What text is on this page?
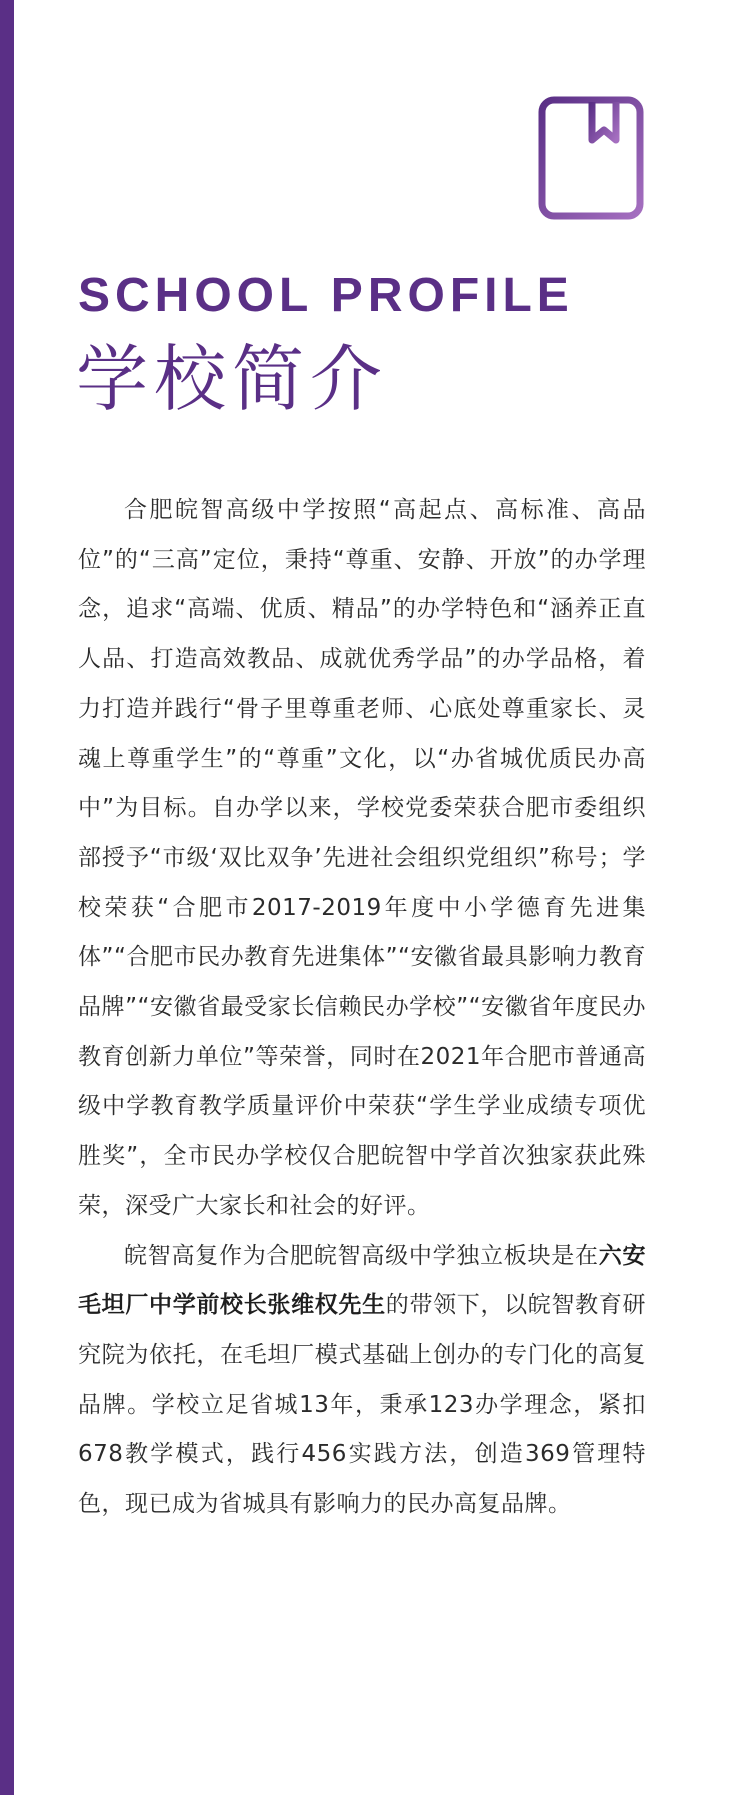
SCHOOL PROFILE
学校简介

合肥皖智高级中学按照“高起点、高标准、高品位”的“三高”定位，秉持“尊重、安静、开放”的办学理念，追求“高端、优质、精品”的办学特色和“涵养正直人品、打造高效教品、成就优秀学品”的办学品格，着力打造并践行“骨子里尊重老师、心底处尊重家长、灵魂上尊重学生”的“尊重”文化，以“办省城优质民办高中”为目标。自办学以来，学校党委荣获合肥市委组织部授予“市级‘双比双争’先进社会组织党组织”称号；学校荣获“合肥市2017-2019年度中小学德育先进集体”“合肥市民办教育先进集体”“安徽省最具影响力教育品牌”“安徽省最受家长信赖民办学校”“安徽省年度民办教育创新力单位”等荣誉，同时在2021年合肥市普通高级中学教育教学质量评价中荣获“学生学业成绩专项优胜奖”，全市民办学校仅合肥皖智中学首次独家获此殊荣，深受广大家长和社会的好评。

皖智高复作为合肥皖智高级中学独立板块是在六安毛坦厂中学前校长张维权先生的带领下，以皖智教育研究院为依托，在毛坦厂模式基础上创办的专门化的高复品牌。学校立足省城13年，秉承123办学理念，紧扣678教学模式，践行456实践方法，创造369管理特色，现已成为省城具有影响力的民办高复品牌。
